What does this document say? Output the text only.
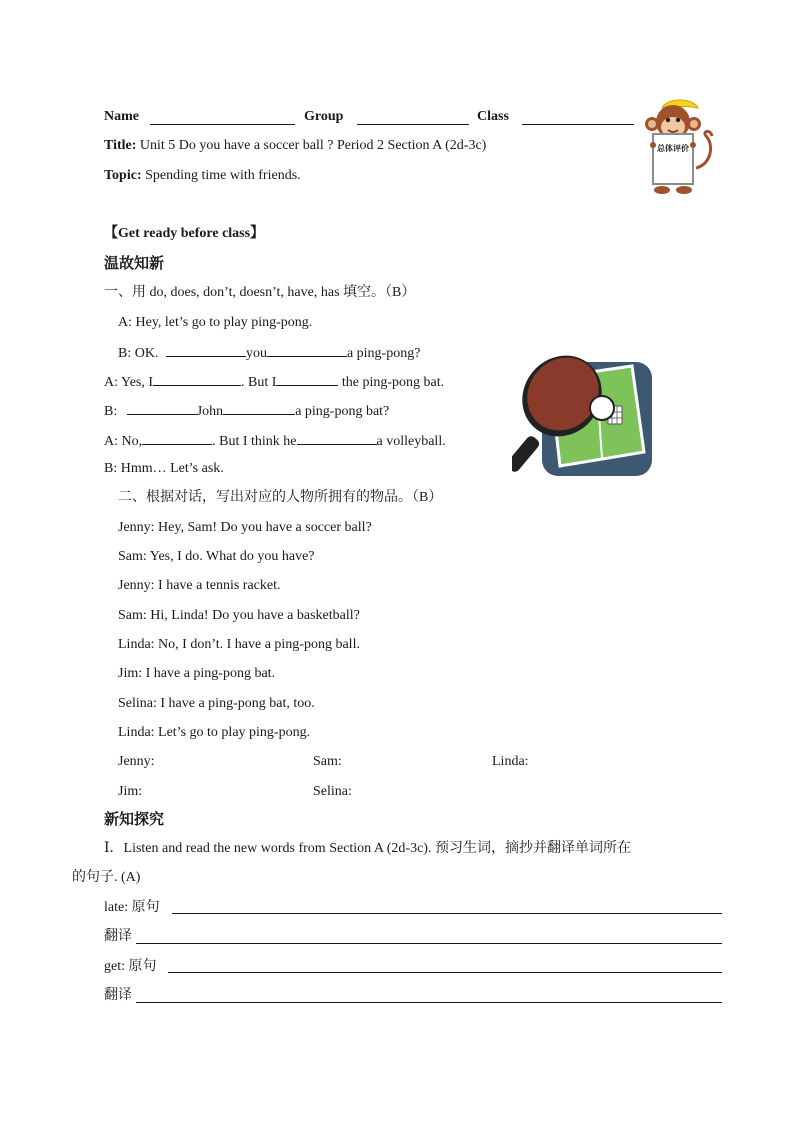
Name	Group	Class
Title: Unit 5 Do you have a soccer ball ? Period 2 Section A (2d-3c)
Topic: Spending time with friends.
总体评价
【Get ready before class】
温故知新
一、用 do, does, don’t, doesn’t, have, has 填空。（B）
A: Hey, let’s go to play ping-pong.
B: OK.	you	a ping-pong?
A: Yes, I	. But I	the ping-pong bat.
B:	John	a ping-pong bat?
A: No,	. But I think he	a volleyball.
B: Hmm… Let’s ask.
二、根据对话，写出对应的人物所拥有的物品。（B）
Jenny: Hey, Sam! Do you have a soccer ball?
Sam: Yes, I do. What do you have?
Jenny: I have a tennis racket.
Sam: Hi, Linda! Do you have a basketball?
Linda: No, I don’t. I have a ping-pong ball.
Jim: I have a ping-pong bat.
Selina: I have a ping-pong bat, too.
Linda: Let’s go to play ping-pong.
Jenny:	Sam:	Linda:
Jim:	Selina:
新知探究
Ⅰ．Listen and read the new words from Section A (2d-3c). 预习生词，摘抄并翻译单词所在
的句子. (A)
late: 原句
翻译
get: 原句
翻译
